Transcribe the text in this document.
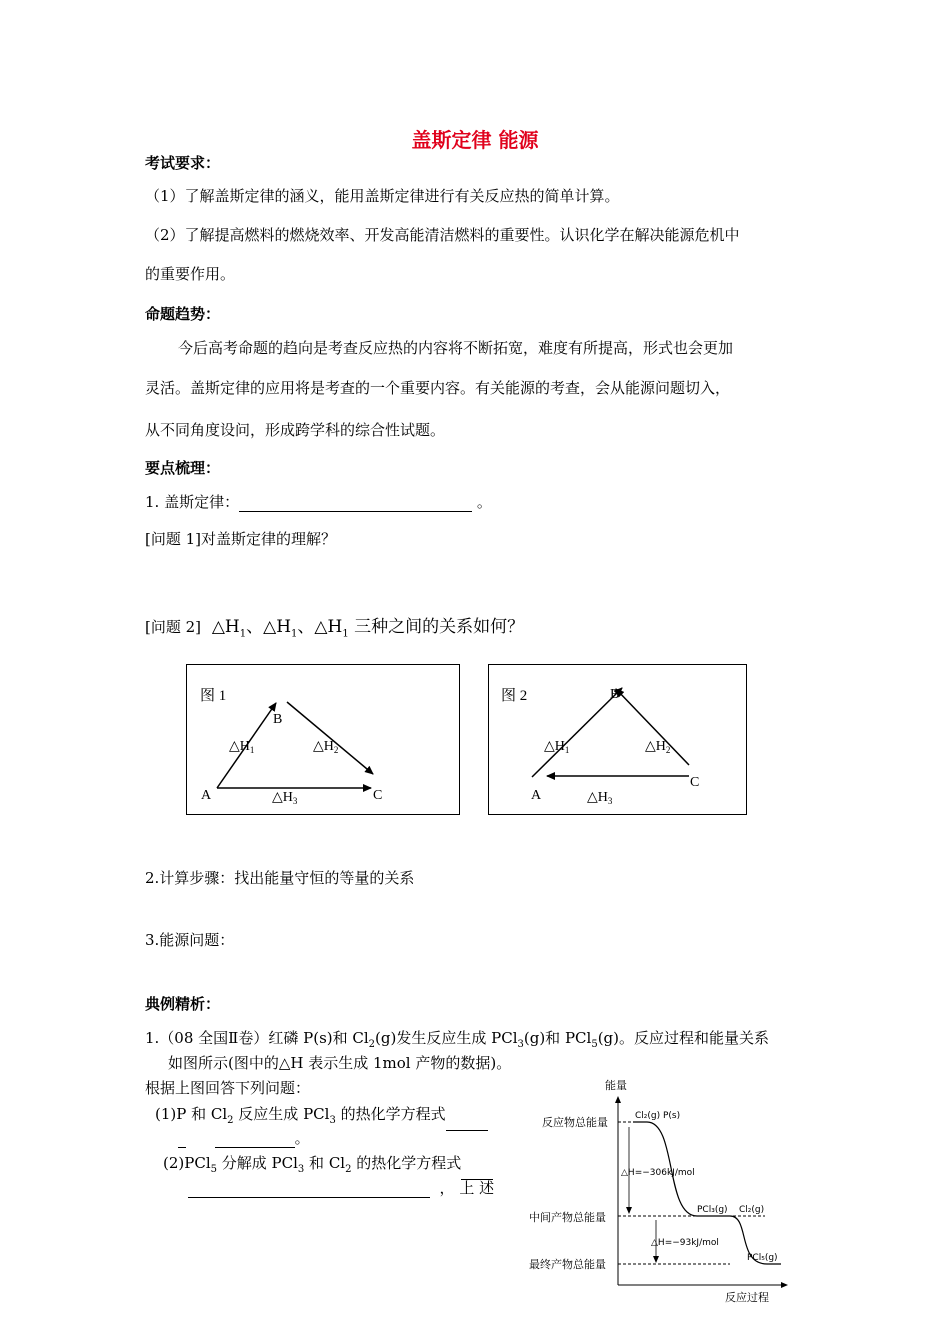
盖斯定律 能源
考试要求：
（1）了解盖斯定律的涵义，能用盖斯定律进行有关反应热的简单计算。
（2）了解提高燃料的燃烧效率、开发高能清洁燃料的重要性。认识化学在解决能源危机中
的重要作用。
命题趋势：
今后高考命题的趋向是考查反应热的内容将不断拓宽，难度有所提高，形式也会更加
灵活。盖斯定律的应用将是考查的一个重要内容。有关能源的考查，会从能源问题切入，
从不同角度设问，形成跨学科的综合性试题。
要点梳理：
1. 盖斯定律：	。
[问题 1]对盖斯定律的理解？
[问题 2]  $\triangle H_1$、$\triangle H_1$、$\triangle H_1$ 三种之间的关系如何？
图 1
B
A	C
$\triangle H_1$	$\triangle H_2$
$\triangle H_3$
图 2	B
A
C
$\triangle H_1$	$\triangle H_2$
$\triangle H_3$
2.计算步骤：找出能量守恒的等量的关系
3.能源问题：
典例精析：
1.（08 全国Ⅱ卷）红磷 P(s)和 $Cl_2(g)$发生反应生成 PCl$_3$(g)和 PCl$_5$(g)。反应过程和能量关系
如图所示(图中的△H 表示生成 1mol 产物的数据)。
根据上图回答下列问题：
(1)P 和 $Cl_2$ 反应生成 PCl$_3$ 的热化学方程式
。
(2)PCl$_5$ 分解成 PCl$_3$ 和 $Cl_2$ 的热化学方程式
， 上 述
能量
反应过程
反应物总能量
中间产物总能量
最终产物总能量
△H=−306kJ/mol
△H=−93kJ/mol
Cl₂(g) P(s)
PCl₃(g) Cl₂(g)
PCl₅(g)
